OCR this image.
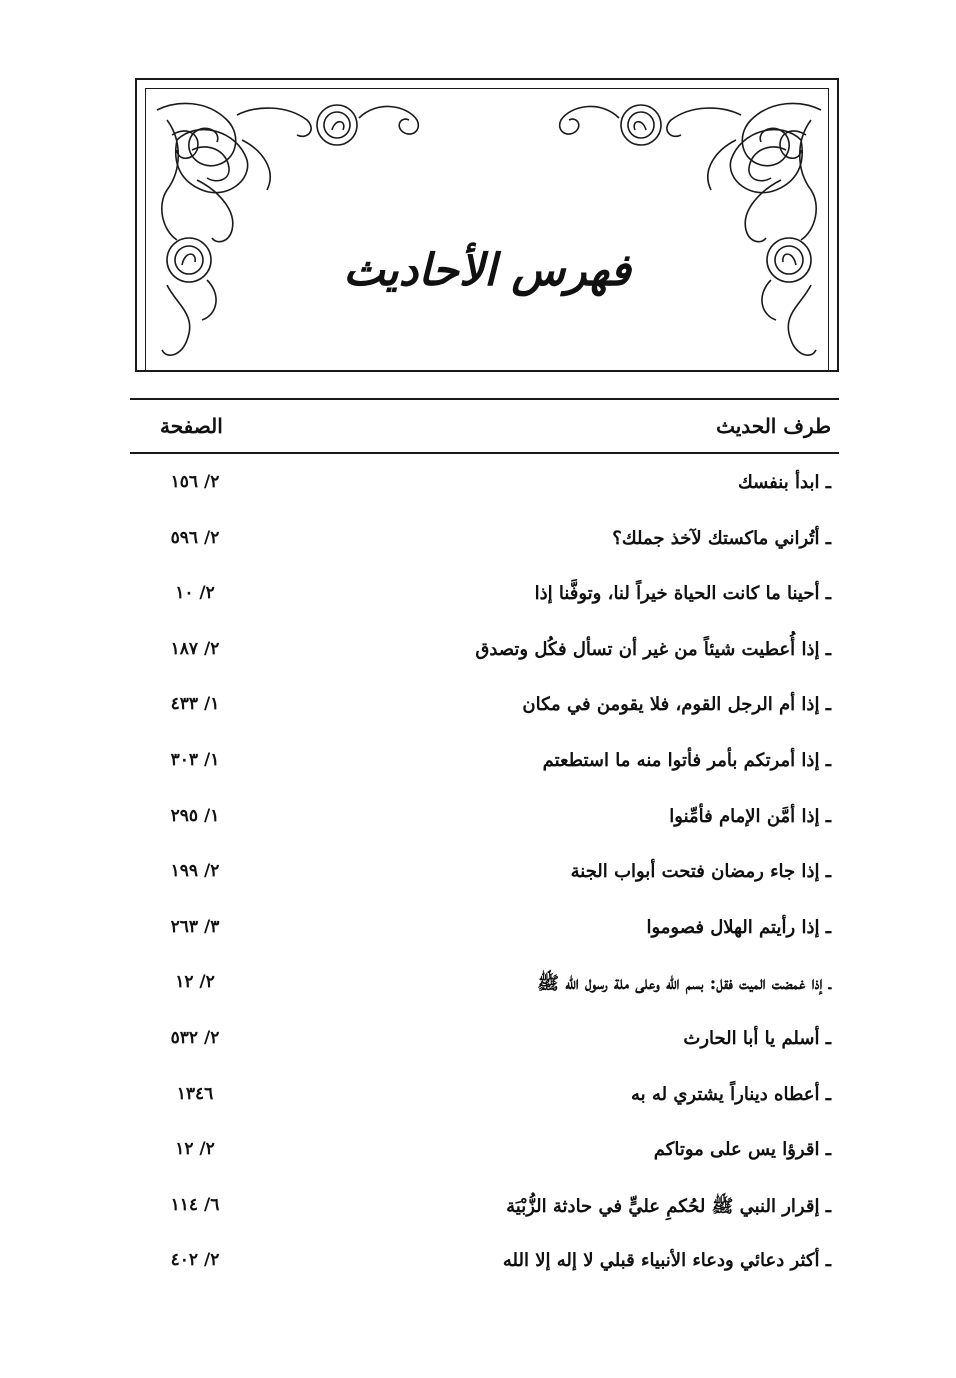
فهرس الأحاديث
طرف الحديث
الصفحة
ـ ابدأ بنفسك
٢/ ١٥٦
ـ أتُراني ماكستك لآخذ جملك؟
٢/ ٥٩٦
ـ أحينا ما كانت الحياة خيراً لنا، وتوفَّنا إذا
٢/ ١٠
ـ إذا أُعطيت شيئاً من غير أن تسأل فكُل وتصدق
٢/ ١٨٧
ـ إذا أم الرجل القوم، فلا يقومن في مكان
١/ ٤٣٣
ـ إذا أمرتكم بأمر فأتوا منه ما استطعتم
١/ ٣٠٣
ـ إذا أمَّن الإمام فأمِّنوا
١/ ٢٩٥
ـ إذا جاء رمضان فتحت أبواب الجنة
٢/ ١٩٩
ـ إذا رأيتم الهلال فصوموا
٣/ ٢٦٣
ـ إذا غمضت الميت فقل: بسم الله وعلى ملة رسول الله ﷺ
٢/ ١٢
ـ أسلم يا أبا الحارث
٢/ ٥٣٢
ـ أعطاه ديناراً يشتري له به
١٣٤٦
ـ اقرؤا يس على موتاكم
٢/ ١٢
ـ إقرار النبي ﷺ لحُكمِ عليٍّ في حادثة الزُّبْيَة
٦/ ١١٤
ـ أكثر دعائي ودعاء الأنبياء قبلي لا إله إلا الله
٢/ ٤٠٢
